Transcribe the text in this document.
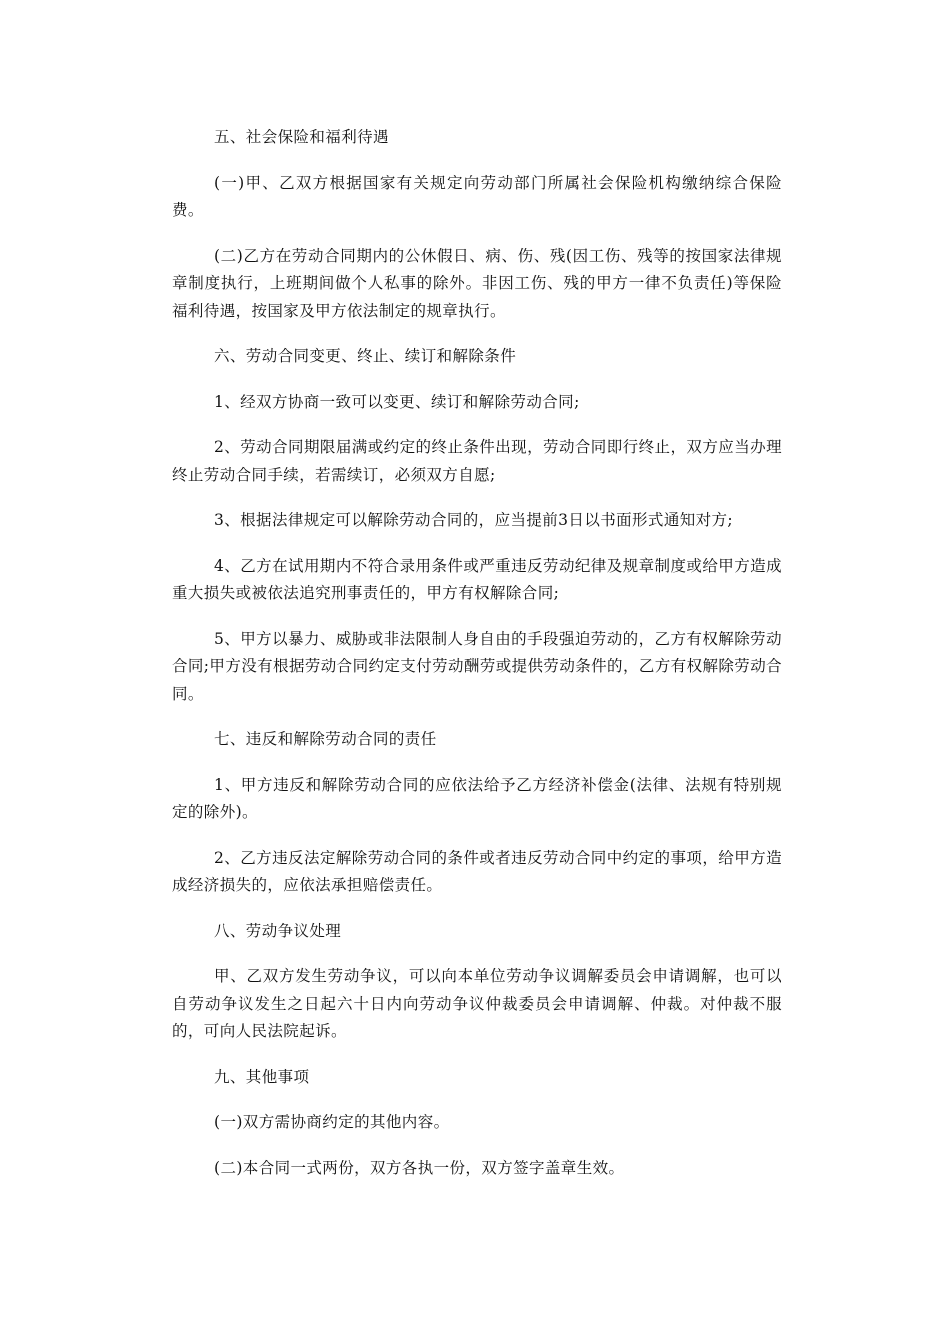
五、社会保险和福利待遇

(一)甲、乙双方根据国家有关规定向劳动部门所属社会保险机构缴纳综合保险费。

(二)乙方在劳动合同期内的公休假日、病、伤、残(因工伤、残等的按国家法律规章制度执行，上班期间做个人私事的除外。非因工伤、残的甲方一律不负责任)等保险福利待遇，按国家及甲方依法制定的规章执行。

六、劳动合同变更、终止、续订和解除条件

1、经双方协商一致可以变更、续订和解除劳动合同;

2、劳动合同期限届满或约定的终止条件出现，劳动合同即行终止，双方应当办理终止劳动合同手续，若需续订，必须双方自愿;

3、根据法律规定可以解除劳动合同的，应当提前3日以书面形式通知对方;

4、乙方在试用期内不符合录用条件或严重违反劳动纪律及规章制度或给甲方造成重大损失或被依法追究刑事责任的，甲方有权解除合同;

5、甲方以暴力、威胁或非法限制人身自由的手段强迫劳动的，乙方有权解除劳动合同;甲方没有根据劳动合同约定支付劳动酬劳或提供劳动条件的，乙方有权解除劳动合同。

七、违反和解除劳动合同的责任

1、甲方违反和解除劳动合同的应依法给予乙方经济补偿金(法律、法规有特别规定的除外)。

2、乙方违反法定解除劳动合同的条件或者违反劳动合同中约定的事项，给甲方造成经济损失的，应依法承担赔偿责任。

八、劳动争议处理

甲、乙双方发生劳动争议，可以向本单位劳动争议调解委员会申请调解，也可以自劳动争议发生之日起六十日内向劳动争议仲裁委员会申请调解、仲裁。对仲裁不服的，可向人民法院起诉。

九、其他事项

(一)双方需协商约定的其他内容。

(二)本合同一式两份，双方各执一份，双方签字盖章生效。
